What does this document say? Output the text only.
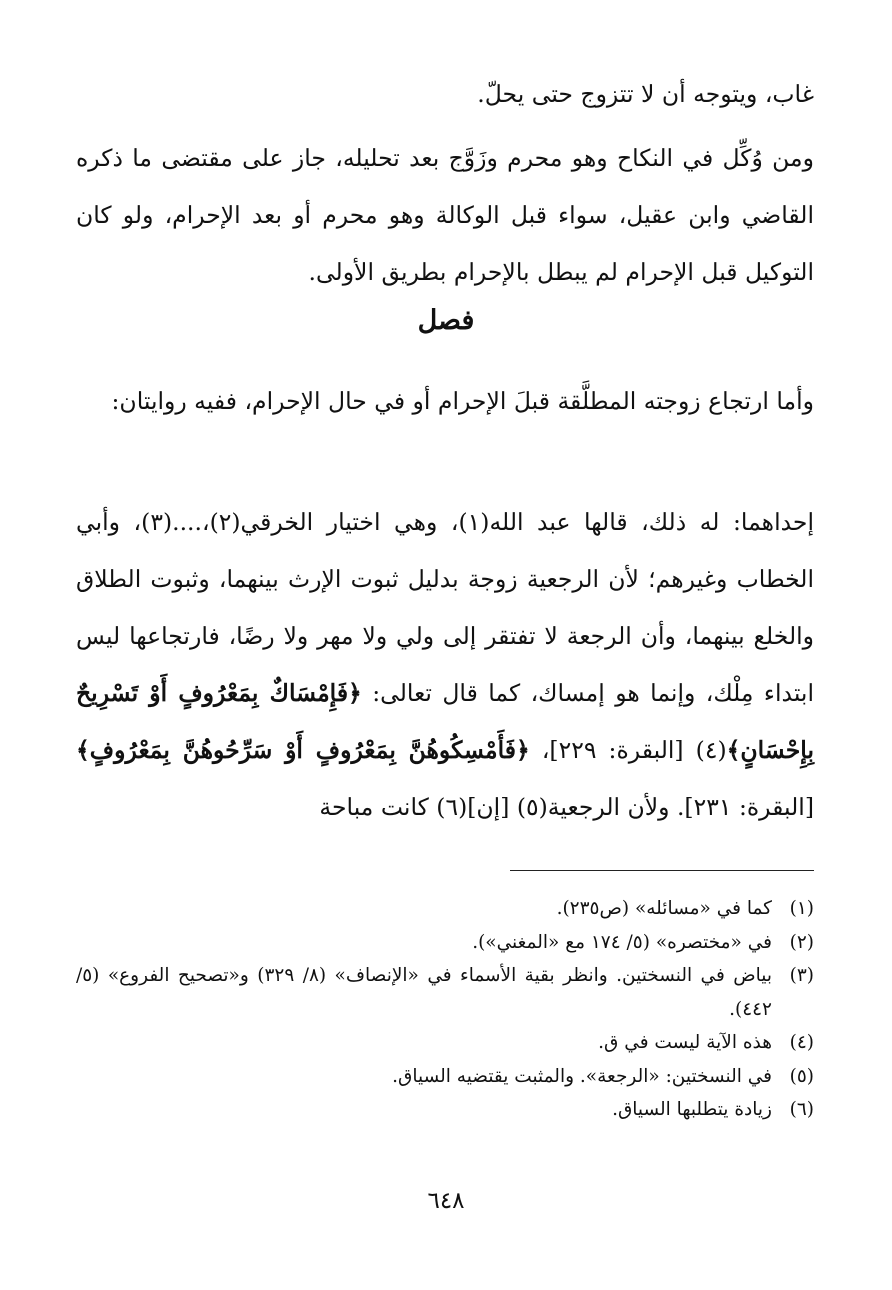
غاب، ويتوجه أن لا تتزوج حتى يحلّ.

ومن وُكِّل في النكاح وهو محرم وزَوَّج بعد تحليله، جاز على مقتضى ما ذكره القاضي وابن عقيل، سواء قبل الوكالة وهو محرم أو بعد الإحرام، ولو كان التوكيل قبل الإحرام لم يبطل بالإحرام بطريق الأولى.

فصل

وأما ارتجاع زوجته المطلَّقة قبلَ الإحرام أو في حال الإحرام، ففيه روايتان:

إحداهما: له ذلك، قالها عبد الله(١)، وهي اختيار الخرقي(٢)،....(٣)، وأبي الخطاب وغيرهم؛ لأن الرجعية زوجة بدليل ثبوت الإرث بينهما، وثبوت الطلاق والخلع بينهما، وأن الرجعة لا تفتقر إلى ولي ولا مهر ولا رضًا، فارتجاعها ليس ابتداء مِلْك، وإنما هو إمساك، كما قال تعالى: ﴿فَإِمْسَاكٌ بِمَعْرُوفٍ أَوْ تَسْرِيحٌ بِإِحْسَانٍ﴾(٤) [البقرة: ٢٢٩]، ﴿فَأَمْسِكُوهُنَّ بِمَعْرُوفٍ أَوْ سَرِّحُوهُنَّ بِمَعْرُوفٍ﴾ [البقرة: ٢٣١]. ولأن الرجعية(٥) [إن](٦) كانت مباحة

(١)
كما في «مسائله» (ص٢٣٥).
(٢)
في «مختصره» (٥/ ١٧٤ مع «المغني»).
(٣)
بياض في النسختين. وانظر بقية الأسماء في «الإنصاف» (٨/ ٣٢٩) و«تصحيح الفروع» (٥/ ٤٤٢).
(٤)
هذه الآية ليست في ق.
(٥)
في النسختين: «الرجعة». والمثبت يقتضيه السياق.
(٦)
زيادة يتطلبها السياق.
٦٤٨
